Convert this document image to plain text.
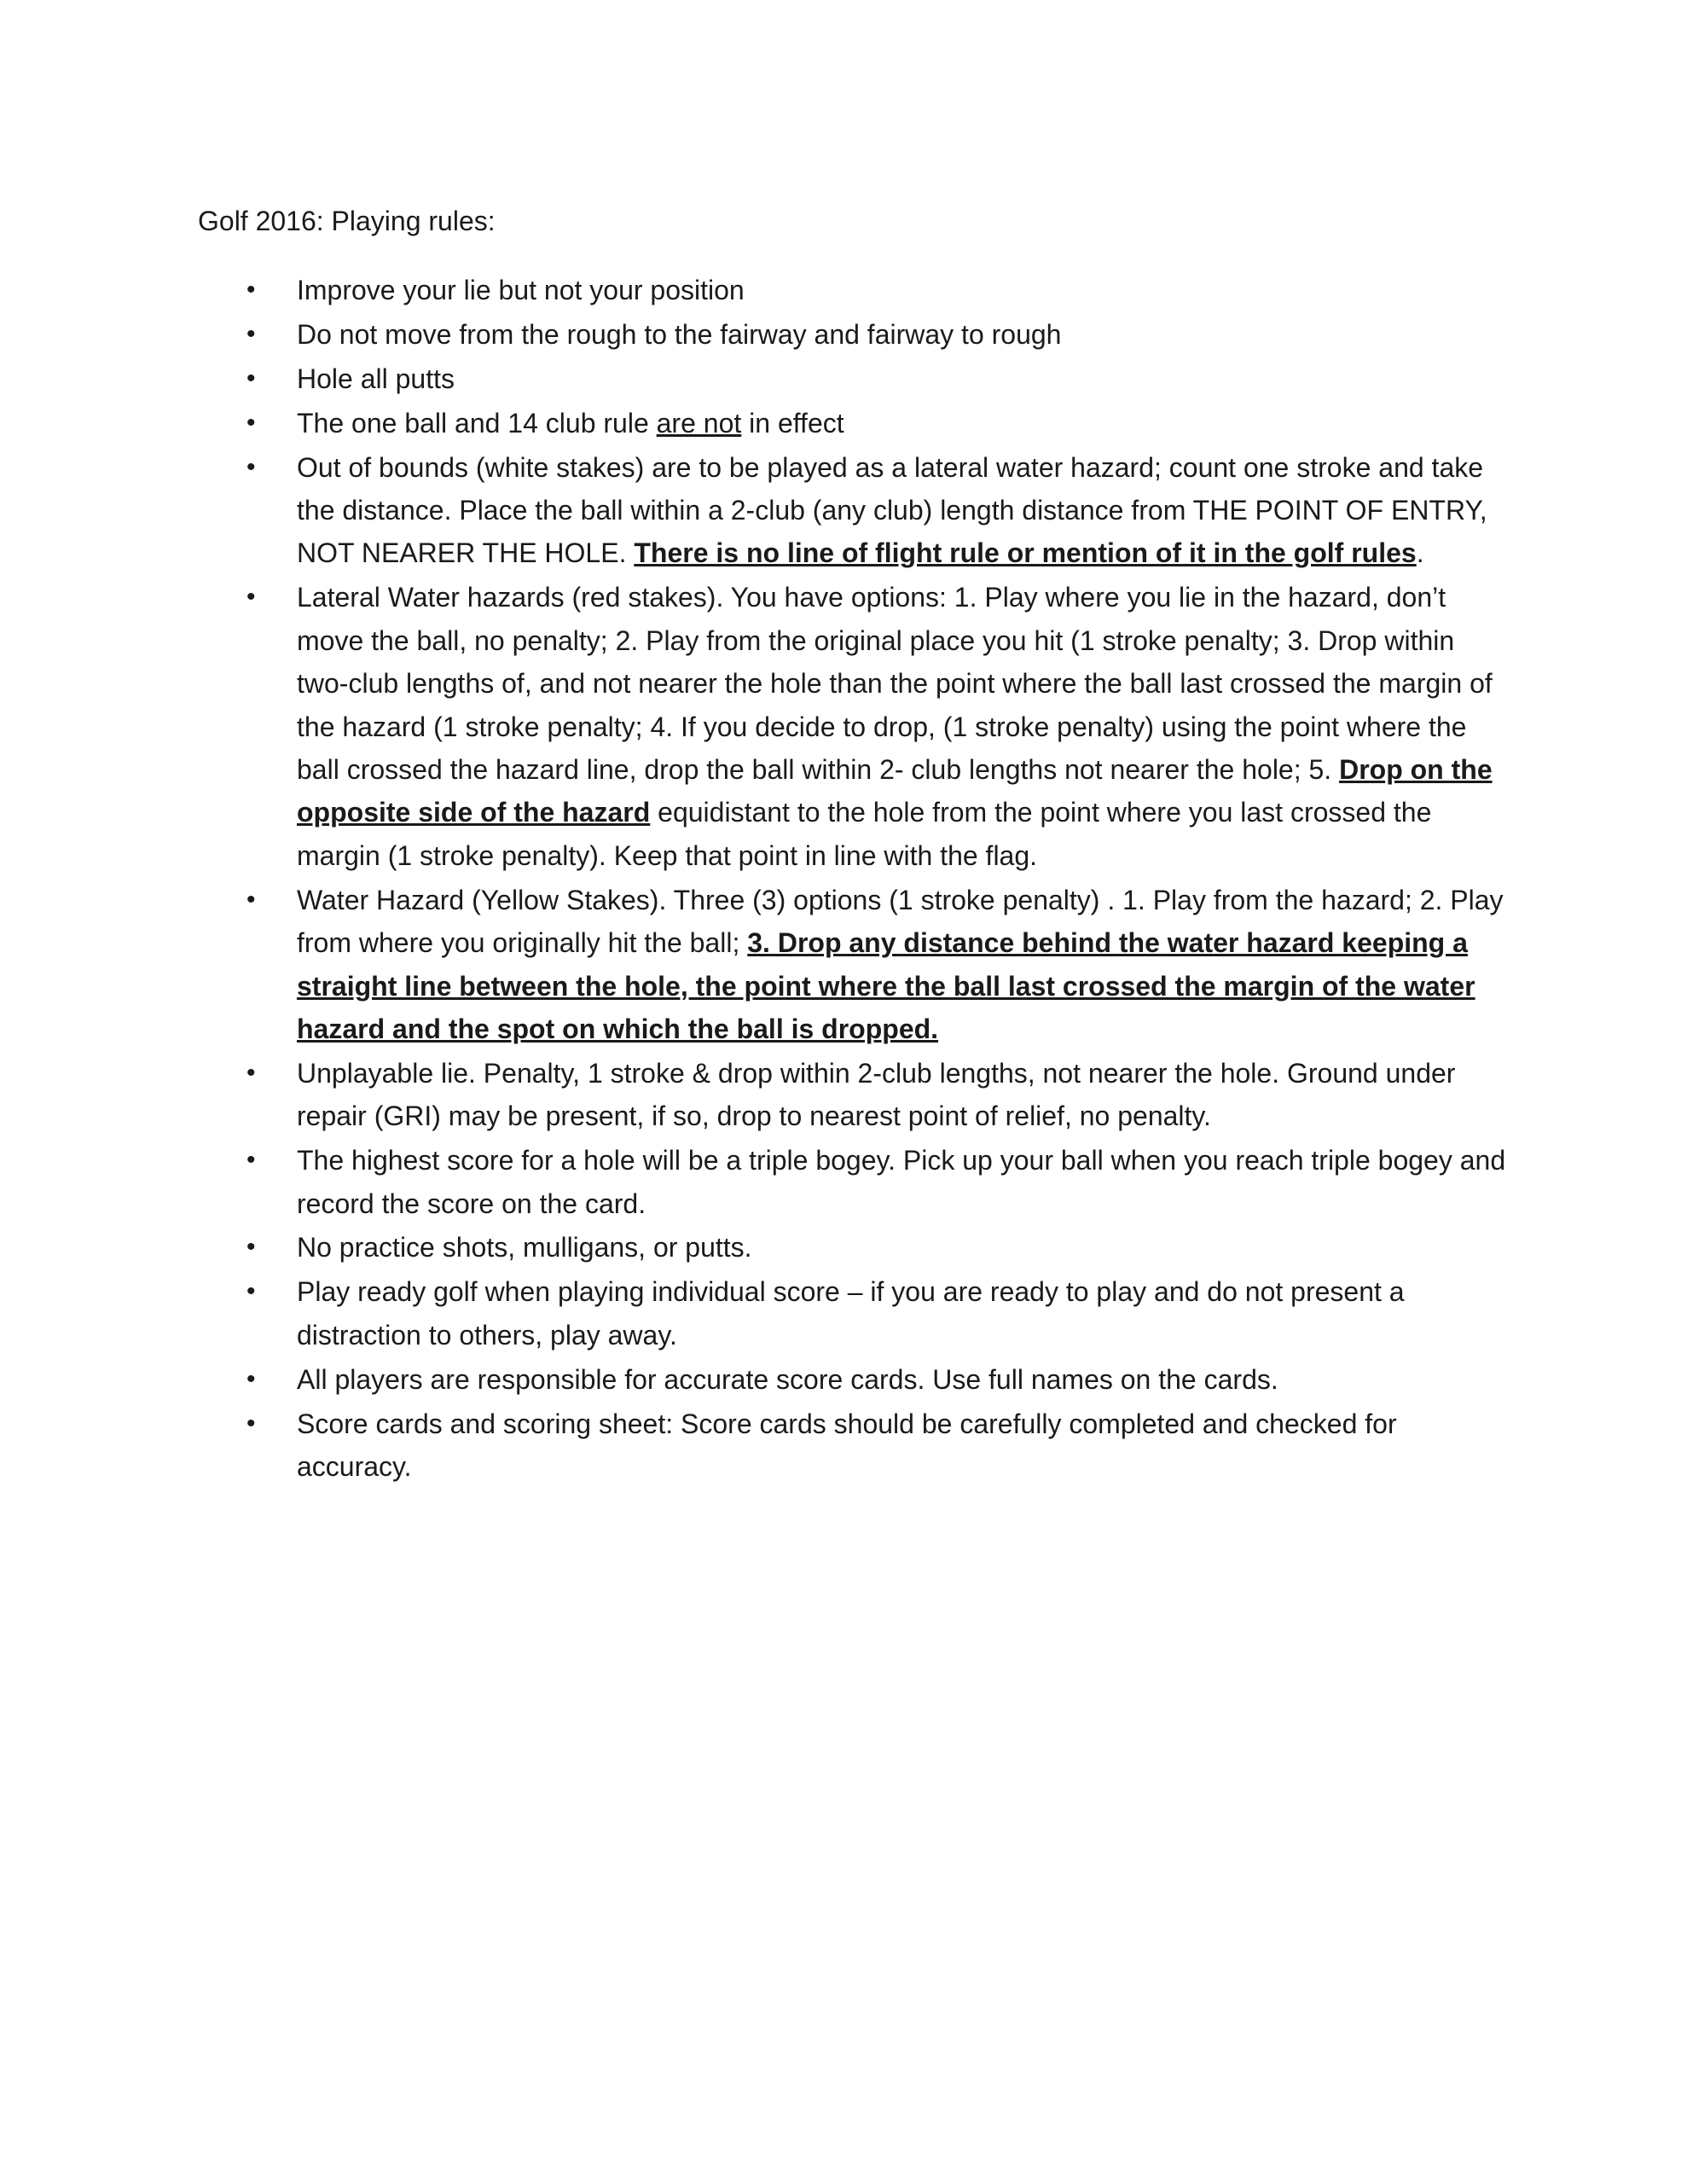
Golf 2016: Playing rules:
• Improve your lie but not your position
• Do not move from the rough to the fairway and fairway to rough
• Hole all putts
• The one ball and 14 club rule are not in effect
• Out of bounds (white stakes) are to be played as a lateral water hazard; count one stroke and take the distance. Place the ball within a 2-club (any club) length distance from THE POINT OF ENTRY, NOT NEARER THE HOLE. There is no line of flight rule or mention of it in the golf rules.
• Lateral Water hazards (red stakes). You have options: 1. Play where you lie in the hazard, don’t move the ball, no penalty; 2. Play from the original place you hit (1 stroke penalty; 3. Drop within two-club lengths of, and not nearer the hole than the point where the ball last crossed the margin of the hazard (1 stroke penalty; 4. If you decide to drop, (1 stroke penalty) using the point where the ball crossed the hazard line, drop the ball within 2- club lengths not nearer the hole; 5. Drop on the opposite side of the hazard equidistant to the hole from the point where you last crossed the margin (1 stroke penalty). Keep that point in line with the flag.
• Water Hazard (Yellow Stakes). Three (3) options (1 stroke penalty) . 1. Play from the hazard; 2. Play from where you originally hit the ball; 3. Drop any distance behind the water hazard keeping a straight line between the hole, the point where the ball last crossed the margin of the water hazard and the spot on which the ball is dropped.
• Unplayable lie. Penalty, 1 stroke & drop within 2-club lengths, not nearer the hole. Ground under repair (GRI) may be present, if so, drop to nearest point of relief, no penalty.
• The highest score for a hole will be a triple bogey. Pick up your ball when you reach triple bogey and record the score on the card.
• No practice shots, mulligans, or putts.
• Play ready golf when playing individual score – if you are ready to play and do not present a distraction to others, play away.
• All players are responsible for accurate score cards. Use full names on the cards.
• Score cards and scoring sheet: Score cards should be carefully completed and checked for accuracy.
